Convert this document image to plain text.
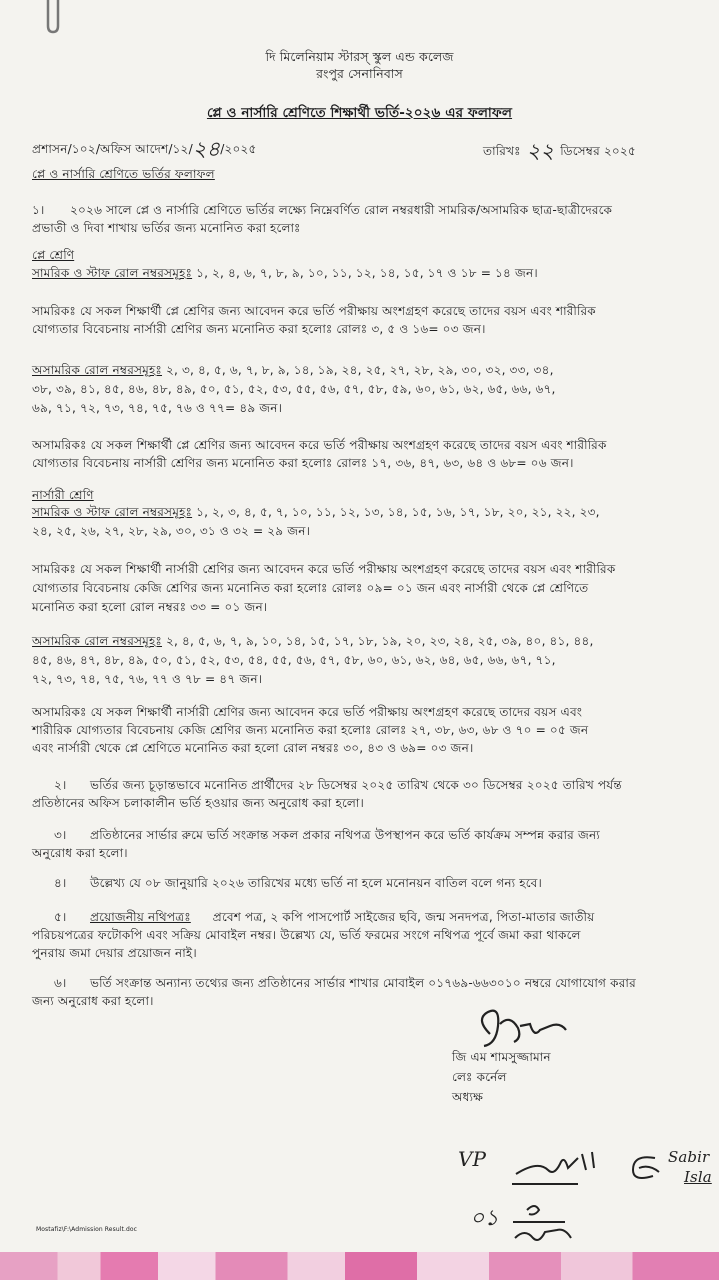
দি মিলেনিয়াম স্টারস্ স্কুল এন্ড কলেজ
রংপুর সেনানিবাস
প্লে ও নার্সারি শ্রেণিতে শিক্ষার্থী ভর্তি-২০২৬ এর ফলাফল
প্রশাসন/১০২/অফিস আদেশ/১২/২৪/২০২৫	তারিখঃ ২২ ডিসেম্বর ২০২৫
প্লে ও নার্সারি শ্রেণিতে ভর্তির ফলাফল
১। ২০২৬ সালে প্লে ও নার্সারি শ্রেণিতে ভর্তির লক্ষ্যে নিম্নেবর্ণিত রোল নম্বরধারী সামরিক/অসামরিক ছাত্র-ছাত্রীদেরকে
প্রভাতী ও দিবা শাখায় ভর্তির জন্য মনোনিত করা হলোঃ
প্লে শ্রেণি
সামরিক ও স্টাফ রোল নম্বরসমূহঃ ১, ২, ৪, ৬, ৭, ৮, ৯, ১০, ১১, ১২, ১৪, ১৫, ১৭ ও ১৮ = ১৪ জন।
সামরিকঃ যে সকল শিক্ষার্থী প্লে শ্রেণির জন্য আবেদন করে ভর্তি পরীক্ষায় অংশগ্রহণ করেছে তাদের বয়স এবং শারীরিক
যোগ্যতার বিবেচনায় নার্সারী শ্রেণির জন্য মনোনিত করা হলোঃ রোলঃ ৩, ৫ ও ১৬= ০৩ জন।
অসামরিক রোল নম্বরসমূহঃ ২, ৩, ৪, ৫, ৬, ৭, ৮, ৯, ১৪, ১৯, ২৪, ২৫, ২৭, ২৮, ২৯, ৩০, ৩২, ৩৩, ৩৪,
৩৮, ৩৯, ৪১, ৪৫, ৪৬, ৪৮, ৪৯, ৫০, ৫১, ৫২, ৫৩, ৫৫, ৫৬, ৫৭, ৫৮, ৫৯, ৬০, ৬১, ৬২, ৬৫, ৬৬, ৬৭,
৬৯, ৭১, ৭২, ৭৩, ৭৪, ৭৫, ৭৬ ও ৭৭= ৪৯ জন।
অসামরিকঃ যে সকল শিক্ষার্থী প্লে শ্রেণির জন্য আবেদন করে ভর্তি পরীক্ষায় অংশগ্রহণ করেছে তাদের বয়স এবং শারীরিক
যোগ্যতার বিবেচনায় নার্সারী শ্রেণির জন্য মনোনিত করা হলোঃ রোলঃ ১৭, ৩৬, ৪৭, ৬৩, ৬৪ ও ৬৮= ০৬ জন।
নার্সারী শ্রেণি
সামরিক ও স্টাফ রোল নম্বরসমূহঃ ১, ২, ৩, ৪, ৫, ৭, ১০, ১১, ১২, ১৩, ১৪, ১৫, ১৬, ১৭, ১৮, ২০, ২১, ২২, ২৩,
২৪, ২৫, ২৬, ২৭, ২৮, ২৯, ৩০, ৩১ ও ৩২ = ২৯ জন।
সামরিকঃ যে সকল শিক্ষার্থী নার্সারী শ্রেণির জন্য আবেদন করে ভর্তি পরীক্ষায় অংশগ্রহণ করেছে তাদের বয়স এবং শারীরিক
যোগ্যতার বিবেচনায় কেজি শ্রেণির জন্য মনোনিত করা হলোঃ রোলঃ ০৯= ০১ জন এবং নার্সারী থেকে প্লে শ্রেণিতে
মনোনিত করা হলো রোল নম্বরঃ ৩৩ = ০১ জন।
অসামরিক রোল নম্বরসমূহঃ ২, ৪, ৫, ৬, ৭, ৯, ১০, ১৪, ১৫, ১৭, ১৮, ১৯, ২০, ২৩, ২৪, ২৫, ৩৯, ৪০, ৪১, ৪৪,
৪৫, ৪৬, ৪৭, ৪৮, ৪৯, ৫০, ৫১, ৫২, ৫৩, ৫৪, ৫৫, ৫৬, ৫৭, ৫৮, ৬০, ৬১, ৬২, ৬৪, ৬৫, ৬৬, ৬৭, ৭১,
৭২, ৭৩, ৭৪, ৭৫, ৭৬, ৭৭ ও ৭৮ = ৪৭ জন।
অসামরিকঃ যে সকল শিক্ষার্থী নার্সারী শ্রেণির জন্য আবেদন করে ভর্তি পরীক্ষায় অংশগ্রহণ করেছে তাদের বয়স এবং
শারীরিক যোগ্যতার বিবেচনায় কেজি শ্রেণির জন্য মনোনিত করা হলোঃ রোলঃ ২৭, ৩৮, ৬৩, ৬৮ ও ৭০ = ০৫ জন
এবং নার্সারী থেকে প্লে শ্রেণিতে মনোনিত করা হলো রোল নম্বরঃ ৩০, ৪৩ ও ৬৯= ০৩ জন।
২। ভর্তির জন্য চূড়ান্তভাবে মনোনিত প্রার্থীদের ২৮ ডিসেম্বর ২০২৫ তারিখ থেকে ৩০ ডিসেম্বর ২০২৫ তারিখ পর্যন্ত
প্রতিষ্ঠানের অফিস চলাকালীন ভর্তি হওয়ার জন্য অনুরোধ করা হলো।
৩। প্রতিষ্ঠানের সার্ভার রুমে ভর্তি সংক্রান্ত সকল প্রকার নথিপত্র উপস্থাপন করে ভর্তি কার্যক্রম সম্পন্ন করার জন্য
অনুরোধ করা হলো।
৪। উল্লেখ্য যে ০৮ জানুয়ারি ২০২৬ তারিখের মধ্যে ভর্তি না হলে মনোনয়ন বাতিল বলে গন্য হবে।
৫। প্রয়োজনীয় নথিপত্রঃ প্রবেশ পত্র, ২ কপি পাসপোর্ট সাইজের ছবি, জন্ম সনদপত্র, পিতা-মাতার জাতীয়
পরিচয়পত্রের ফটোকপি এবং সক্রিয় মোবাইল নম্বর। উল্লেখ্য যে, ভর্তি ফরমের সংগে নথিপত্র পূর্বে জমা করা থাকলে
পুনরায় জমা দেয়ার প্রয়োজন নাই।
৬। ভর্তি সংক্রান্ত অন্যান্য তথ্যের জন্য প্রতিষ্ঠানের সার্ভার শাখার মোবাইল ০১৭৬৯-৬৬৩০১০ নম্বরে যোগাযোগ করার
জন্য অনুরোধ করা হলো।
জি এম শামসুজ্জামান
লেঃ কর্নেল
অধ্যক্ষ
VP	Sabir
Isla
০১
Mostafiz\F:\Admission Result.doc
